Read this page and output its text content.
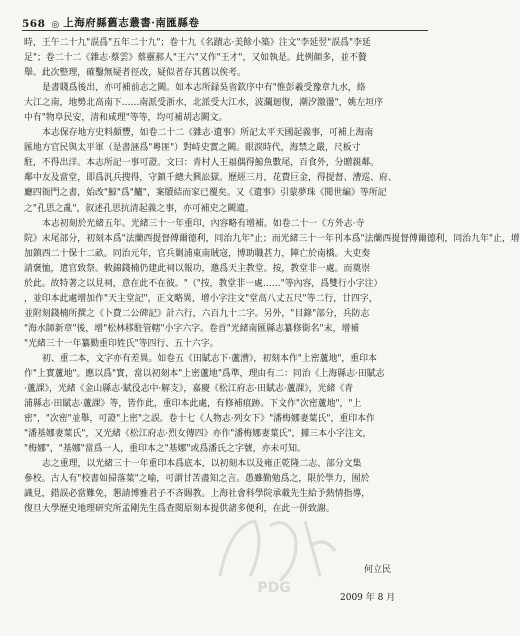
568 ◎ 上海府縣舊志叢書·南匯縣卷
時，王午二十九"誤爲"五年二十九"；卷十九《名蹟志·美餘小築》注文"李延翌"誤爲"李延
足"；卷二十二《雜志·蔡雲》蔡靈郝人"王六"又作"王才"，又如執是。此例顔多，並不贅
舉。此次整理，確鑿無疑者徑改，疑似者存其舊以俟考。
是書賤爲後出，亦可補前志之闕。如本志所録吳省欽序中有"惟彭羲受豫章九水，絡
大江之南，地勢北高南下……南派受浙水，北派受大江水，波瀾迴復，潮汐激盪"，姚左垣序
中有"物阜民安，清和咸理"等等，均可補胡志闕文。
本志保存地方史料頗豐，如卷二十二《雜志·遺事》所記太平天國起義事，可補上海南
匯地方官民與太平軍（是書誣爲"粵匪"）對峙史實之闕。眼淚時代，海禁之嚴，尺板寸
駐，不得出洋。本志所記一事可證。文曰：青村人王福偶得鯨魚數尾，百食外，分贈親鄰。
鄰中友及當堂，即爲汎兵搜得，守鎮千總大興訟獄。歷經三月，花費巨金，得提督、漕巡、府、
廳四衙門之書，始改"鯨"爲"鱸"，案牘結而家已覆矣。又《遺事》引蒙夢珠《閱世編》等所記
之"孔思之亂"，叙述孔思抗清起義之事，亦可補史之闕遺。
本志初刻於光緒五年。光緒三十一年重印，內容略有增補。如卷二十一《方外志·寺
院》末尾部分，初刻本爲"法蘭西提督傅爾德利，同治九年"止；而光緒三十一年刊本爲"法蘭西提督傅爾德利，同治九年"止，增
加鎮西二十保十二畝。同治元年，官兵剿浦東南賊寇，博助職甚力，陣亡於南橋。大吏奏
請褒恤，遣官致祭。敕錦錢楠仍建此祠以報功，邀爲天主教堂。按，教堂非一處。而奠崇
於此。故特著之以見祠，意在此不在彼。"（"按，教堂非一處……"等內容，爲雙行小字注）
，並印本此處增加作"天主堂記"，正文略異，增小字注文"堂高八丈五尺"等二行，廿四字，
並附刻錢楠所撰之《卜費二公碑記》計六行，六百九十二字。另外，"目錄"部分，兵防志
"海水師新章"後，增"松林移駐管轄"小字六字。卷首"光緒南匯縣志纂修銜名"末，增補
"光緒三十一年纂勤重印姓氏"等四行、五十六字。
初、重二本，文字亦有差異。如卷五《田賦志下·蘆漕》，初刻本作"上密蘆地"，重印本
作"上實蘆地"。應以爲"實，當以初刻本"上密蘆地"爲準，理由有二：同治《上海縣志·田賦志
·蘆課》，光緒《金山縣志·賦役志中·解支》，嘉慶《松江府志·田賦志·蘆課》，光緒《青
浦縣志·田賦志·蘆課》等，皆作此，重印本此處，有修補痕跡。下文作"次密蘆地"，"上
密"，"次密"並舉，可證"上密"之誤。卷十七《人物志·列女下》"潘梅娜妻葉氏"，重印本作
"潘基娜妻葉氏"，又光緒《松江府志·烈女傳四》亦作"潘梅娜妻葉氏"，據三本小字注文，
"梅娜"，"基娜"當爲一人，重印本之"基娜"或爲潘氏之字號，亦未可知。
志之重理，以光緒三十一年重印本爲底本，以初刻本以及雍正乾隆二志、部分文集
參校。古人有"校書如掃落葉"之喻，可謂甘苦盡知之言。愚雖勤勉爲之，限於學力，囿於
識見，錯誤必當難免，懇請博雅君子不吝賜教。上海社會科學院承載先生給予熱情指導，
復旦大學歷史地理研究所孟剛先生爲查閱原刻本提供諸多便利，在此一併致謝。
PDG
何立民
2009 年 8 月
